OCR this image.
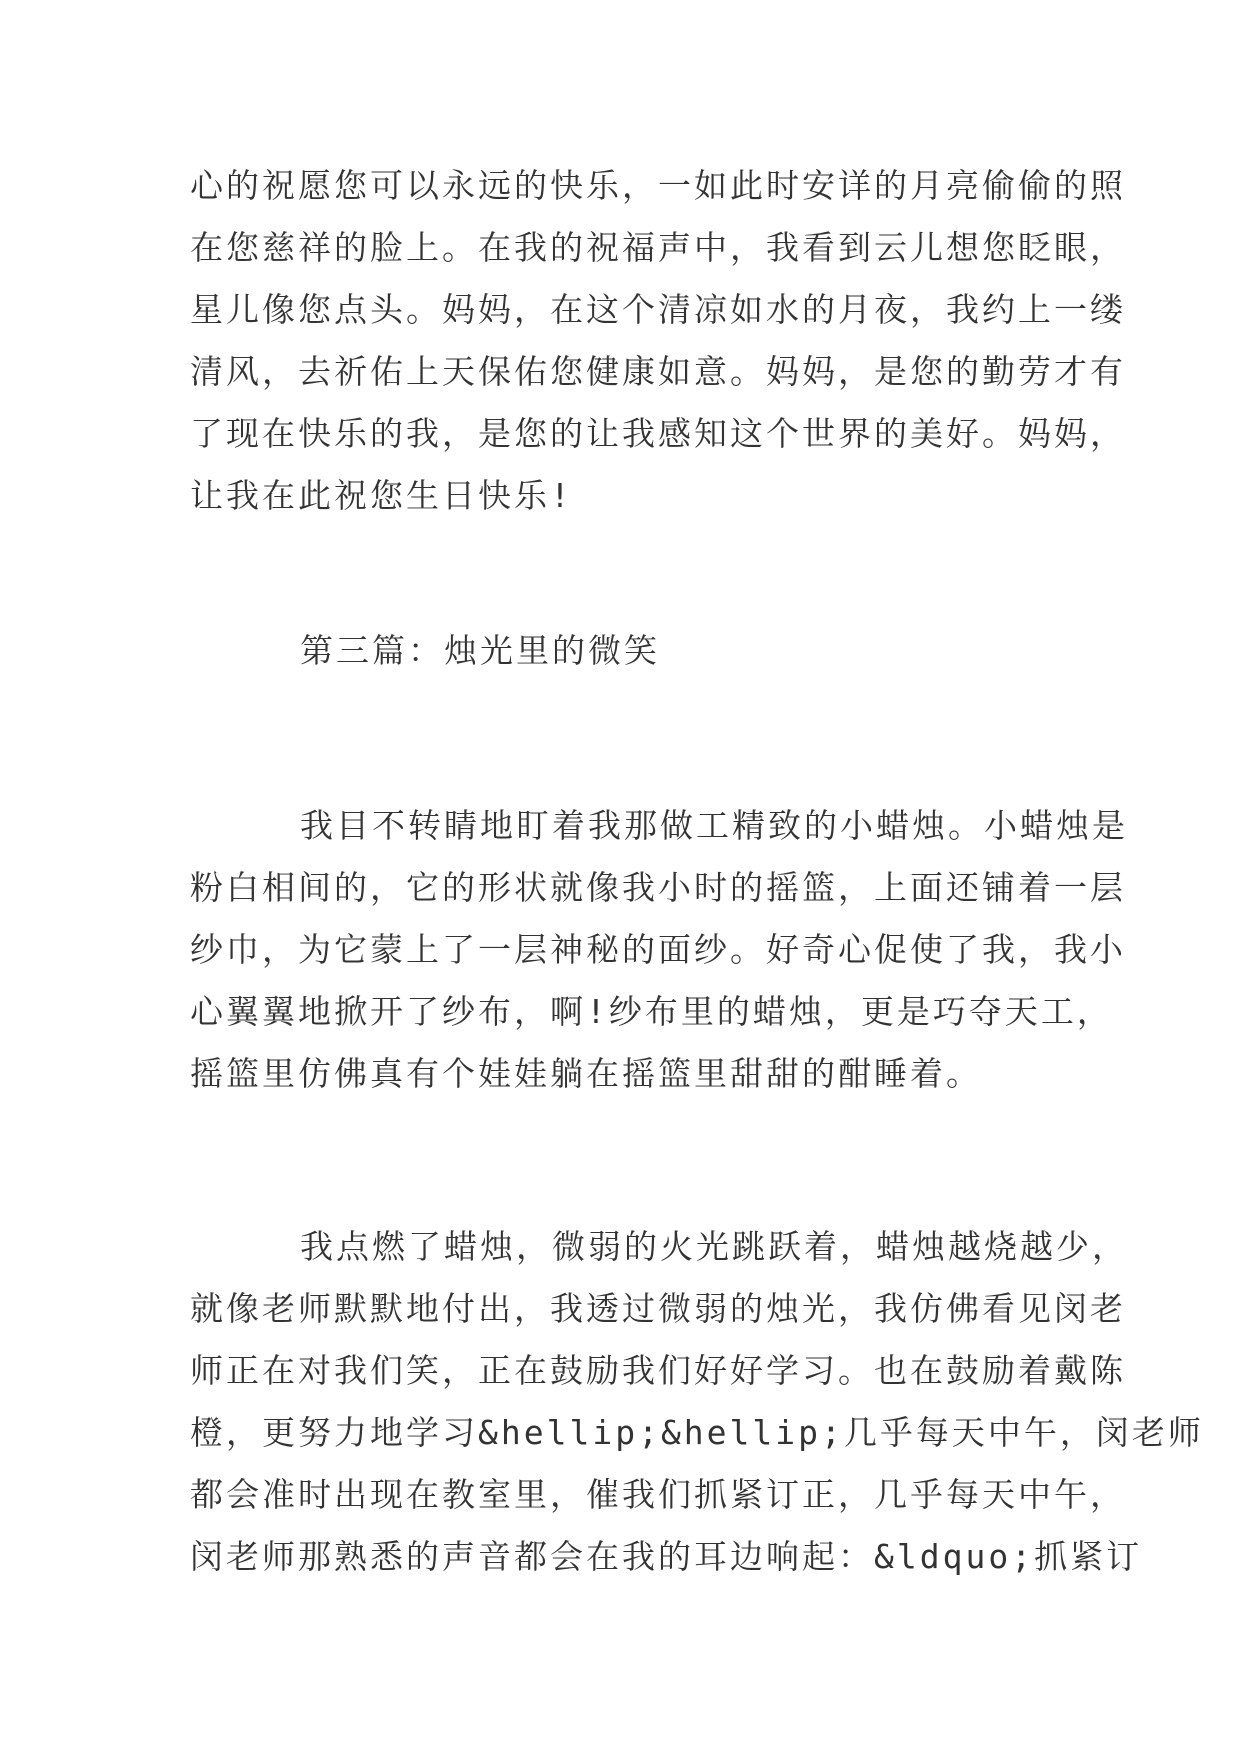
心的祝愿您可以永远的快乐，一如此时安详的月亮偷偷的照
在您慈祥的脸上。在我的祝福声中，我看到云儿想您眨眼，
星儿像您点头。妈妈，在这个清凉如水的月夜，我约上一缕
清风，去祈佑上天保佑您健康如意。妈妈，是您的勤劳才有
了现在快乐的我，是您的让我感知这个世界的美好。妈妈，
让我在此祝您生日快乐!
第三篇：烛光里的微笑
我目不转睛地盯着我那做工精致的小蜡烛。小蜡烛是
粉白相间的，它的形状就像我小时的摇篮，上面还铺着一层
纱巾，为它蒙上了一层神秘的面纱。好奇心促使了我，我小
心翼翼地掀开了纱布，啊!纱布里的蜡烛，更是巧夺天工，
摇篮里仿佛真有个娃娃躺在摇篮里甜甜的酣睡着。
我点燃了蜡烛，微弱的火光跳跃着，蜡烛越烧越少，
就像老师默默地付出，我透过微弱的烛光，我仿佛看见闵老
师正在对我们笑，正在鼓励我们好好学习。也在鼓励着戴陈
橙，更努力地学习&hellip;&hellip;几乎每天中午，闵老师
都会准时出现在教室里，催我们抓紧订正，几乎每天中午，
闵老师那熟悉的声音都会在我的耳边响起：&ldquo;抓紧订
